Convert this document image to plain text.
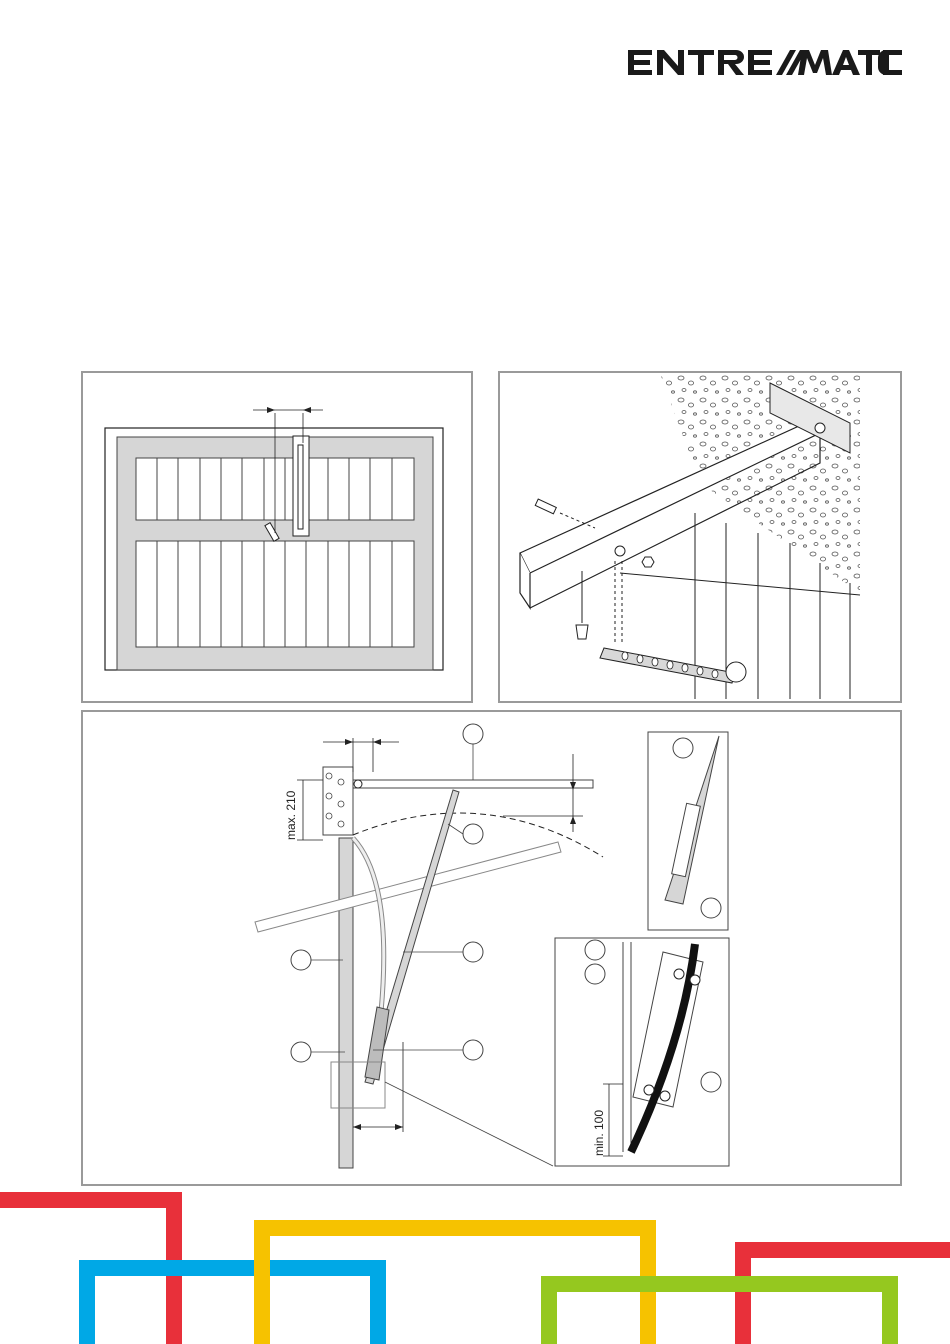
max. 210
min. 100
